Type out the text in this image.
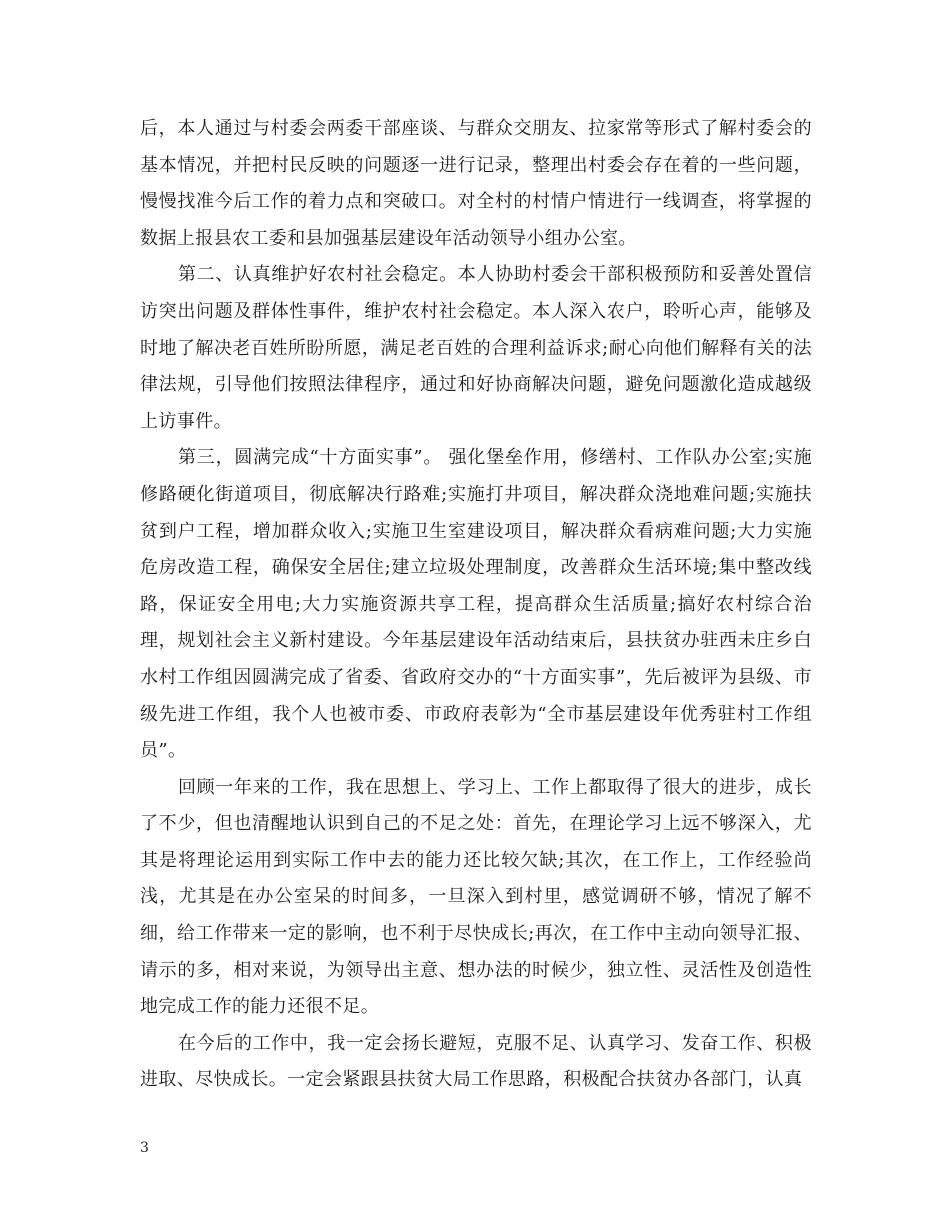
后，本人通过与村委会两委干部座谈、与群众交朋友、拉家常等形式了解村委会的基本情况，并把村民反映的问题逐一进行记录，整理出村委会存在着的一些问题，慢慢找准今后工作的着力点和突破口。对全村的村情户情进行一线调查，将掌握的数据上报县农工委和县加强基层建设年活动领导小组办公室。

第二、认真维护好农村社会稳定。本人协助村委会干部积极预防和妥善处置信访突出问题及群体性事件，维护农村社会稳定。本人深入农户，聆听心声，能够及时地了解决老百姓所盼所愿，满足老百姓的合理利益诉求;耐心向他们解释有关的法律法规，引导他们按照法律程序，通过和好协商解决问题，避免问题激化造成越级上访事件。

第三，圆满完成“十方面实事”。 强化堡垒作用，修缮村、工作队办公室;实施修路硬化街道项目，彻底解决行路难;实施打井项目，解决群众浇地难问题;实施扶贫到户工程，增加群众收入;实施卫生室建设项目，解决群众看病难问题;大力实施危房改造工程，确保安全居住;建立垃圾处理制度，改善群众生活环境;集中整改线路，保证安全用电;大力实施资源共享工程，提高群众生活质量;搞好农村综合治理，规划社会主义新村建设。今年基层建设年活动结束后，县扶贫办驻西未庄乡白水村工作组因圆满完成了省委、省政府交办的“十方面实事”，先后被评为县级、市级先进工作组，我个人也被市委、市政府表彰为“全市基层建设年优秀驻村工作组员”。

回顾一年来的工作，我在思想上、学习上、工作上都取得了很大的进步，成长了不少，但也清醒地认识到自己的不足之处：首先，在理论学习上远不够深入，尤其是将理论运用到实际工作中去的能力还比较欠缺;其次，在工作上，工作经验尚浅，尤其是在办公室呆的时间多，一旦深入到村里，感觉调研不够，情况了解不细，给工作带来一定的影响，也不利于尽快成长;再次，在工作中主动向领导汇报、请示的多，相对来说，为领导出主意、想办法的时候少，独立性、灵活性及创造性地完成工作的能力还很不足。

在今后的工作中，我一定会扬长避短，克服不足、认真学习、发奋工作、积极进取、尽快成长。一定会紧跟县扶贫大局工作思路，积极配合扶贫办各部门，认真

3
